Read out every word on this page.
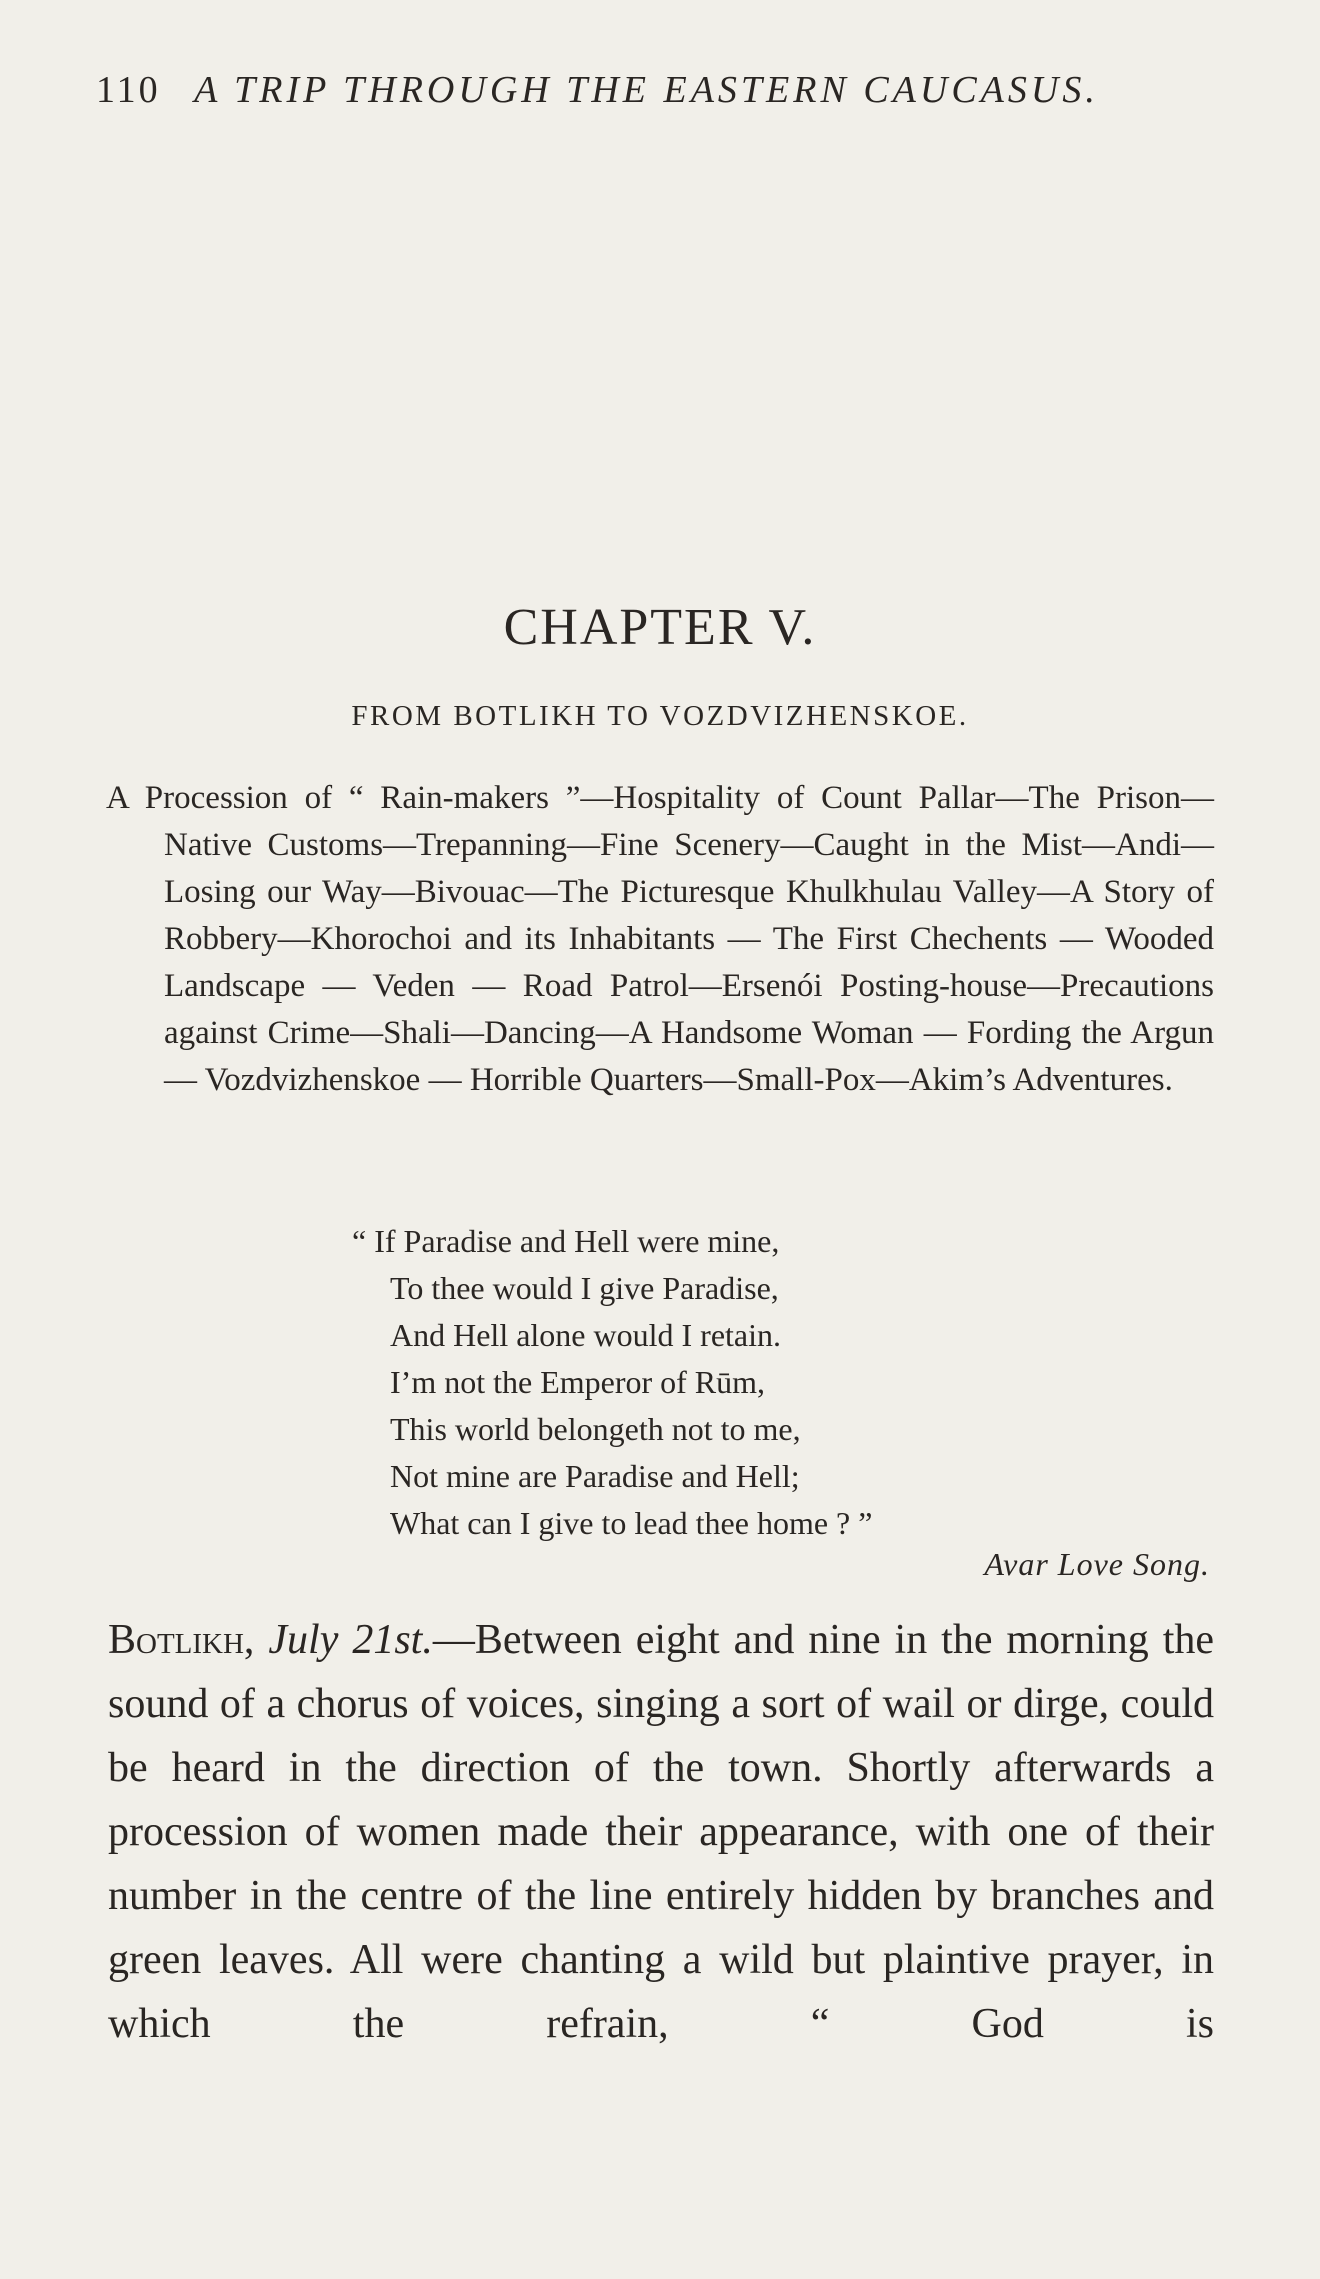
110 A TRIP THROUGH THE EASTERN CAUCASUS.
CHAPTER V.
FROM BOTLIKH TO VOZDVIZHENSKOE.
A Procession of “ Rain-makers ”—Hospitality of Count Pallar—The Prison—Native Customs—Trepanning—Fine Scenery—Caught in the Mist—Andi—Losing our Way—Bivouac—The Picturesque Khulkhulau Valley—A Story of Robbery—Khorochoi and its Inhabitants — The First Chechents — Wooded Landscape — Veden — Road Patrol—Ersenói Posting-house—Precautions against Crime—Shali—Dancing—A Handsome Woman — Fording the Argun — Vozdvizhenskoe — Horrible Quarters—Small-Pox—Akim’s Adventures.
“ If Paradise and Hell were mine,
To thee would I give Paradise,
And Hell alone would I retain.
I’m not the Emperor of Rūm,
This world belongeth not to me,
Not mine are Paradise and Hell;
What can I give to lead thee home ? ”
Avar Love Song.
Botlikh, July 21st.—Between eight and nine in the morning the sound of a chorus of voices, singing a sort of wail or dirge, could be heard in the direction of the town. Shortly afterwards a procession of women made their appearance, with one of their number in the centre of the line entirely hidden by branches and green leaves. All were chanting a wild but plaintive prayer, in which the refrain, “ God is
